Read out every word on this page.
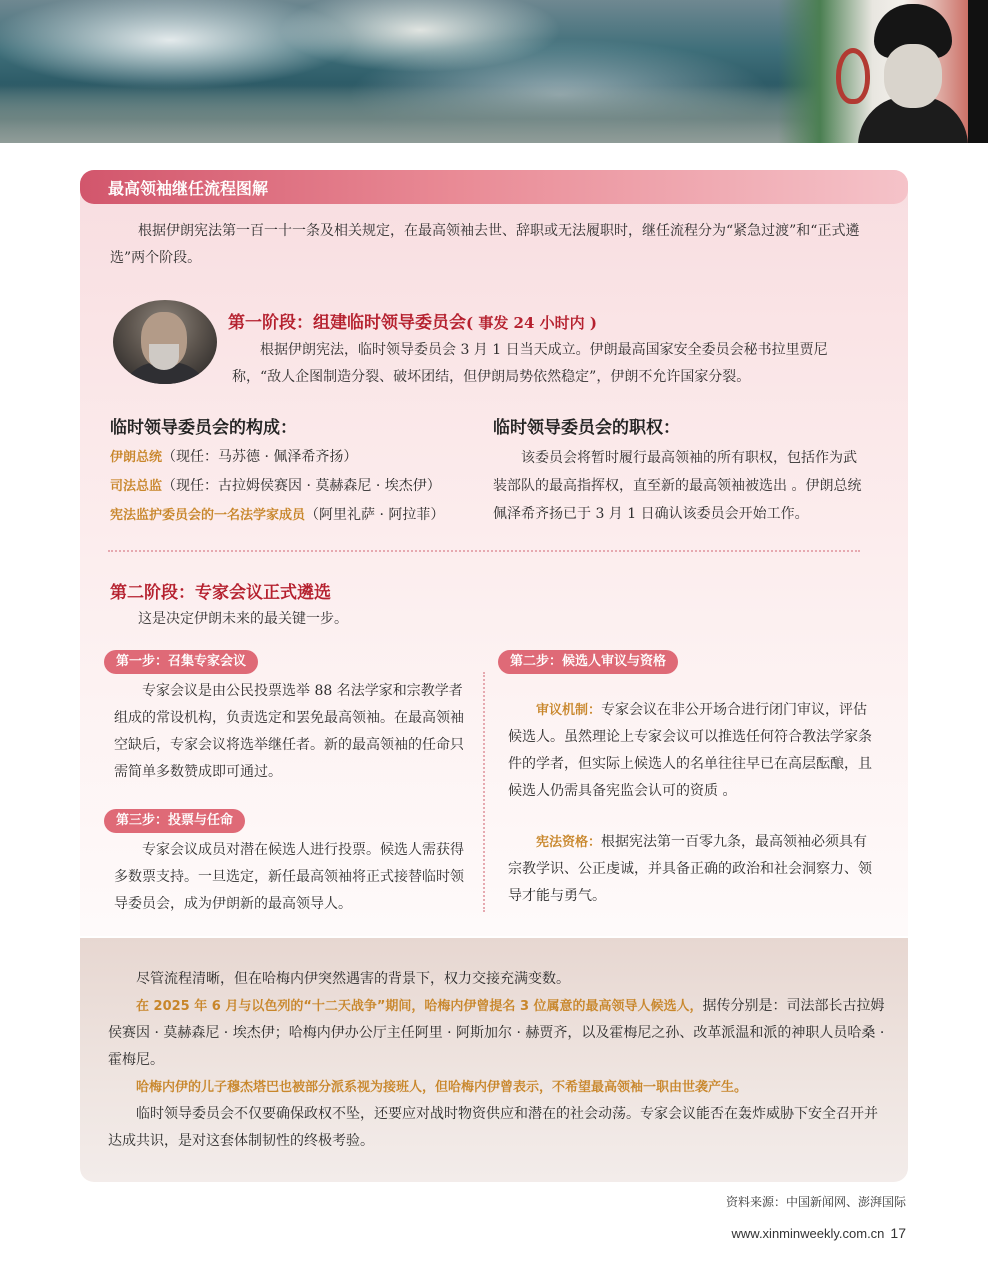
最高领袖继任流程图解
根据伊朗宪法第一百一十一条及相关规定，在最高领袖去世、辞职或无法履职时，继任流程分为“紧急过渡”和“正式遴选”两个阶段。
第一阶段：组建临时领导委员会( 事发 24 小时内 )
根据伊朗宪法，临时领导委员会 3 月 1 日当天成立。伊朗最高国家安全委员会秘书拉里贾尼称，“敌人企图制造分裂、破坏团结，但伊朗局势依然稳定”，伊朗不允许国家分裂。
临时领导委员会的构成：	临时领导委员会的职权：
伊朗总统（现任：马苏德 · 佩泽希齐扬）
司法总监（现任：古拉姆侯赛因 · 莫赫森尼 · 埃杰伊）
宪法监护委员会的一名法学家成员（阿里礼萨 · 阿拉菲）
该委员会将暂时履行最高领袖的所有职权，包括作为武装部队的最高指挥权，直至新的最高领袖被选出 。伊朗总统佩泽希齐扬已于 3 月 1 日确认该委员会开始工作。
第二阶段：专家会议正式遴选
这是决定伊朗未来的最关键一步。
第一步：召集专家会议	第二步：候选人审议与资格
第三步：投票与任命
专家会议是由公民投票选举 88 名法学家和宗教学者组成的常设机构，负责选定和罢免最高领袖。在最高领袖空缺后，专家会议将选举继任者。新的最高领袖的任命只需简单多数赞成即可通过。
专家会议成员对潜在候选人进行投票。候选人需获得多数票支持。一旦选定，新任最高领袖将正式接替临时领导委员会，成为伊朗新的最高领导人。
审议机制：专家会议在非公开场合进行闭门审议，评估候选人。虽然理论上专家会议可以推选任何符合教法学家条件的学者，但实际上候选人的名单往往早已在高层酝酿，且候选人仍需具备宪监会认可的资质 。
宪法资格：根据宪法第一百零九条，最高领袖必须具有宗教学识、公正虔诚，并具备正确的政治和社会洞察力、领导才能与勇气。
尽管流程清晰，但在哈梅内伊突然遇害的背景下，权力交接充满变数。
在 2025 年 6 月与以色列的“十二天战争”期间，哈梅内伊曾提名 3 位属意的最高领导人候选人，据传分别是：司法部长古拉姆侯赛因 · 莫赫森尼 · 埃杰伊；哈梅内伊办公厅主任阿里 · 阿斯加尔 · 赫贾齐，以及霍梅尼之孙、改革派温和派的神职人员哈桑 · 霍梅尼。
哈梅内伊的儿子穆杰塔巴也被部分派系视为接班人，但哈梅内伊曾表示，不希望最高领袖一职由世袭产生。
临时领导委员会不仅要确保政权不坠，还要应对战时物资供应和潜在的社会动荡。专家会议能否在轰炸威胁下安全召开并达成共识，是对这套体制韧性的终极考验。
资料来源：中国新闻网、澎湃国际
www.xinminweekly.com.cn 17
